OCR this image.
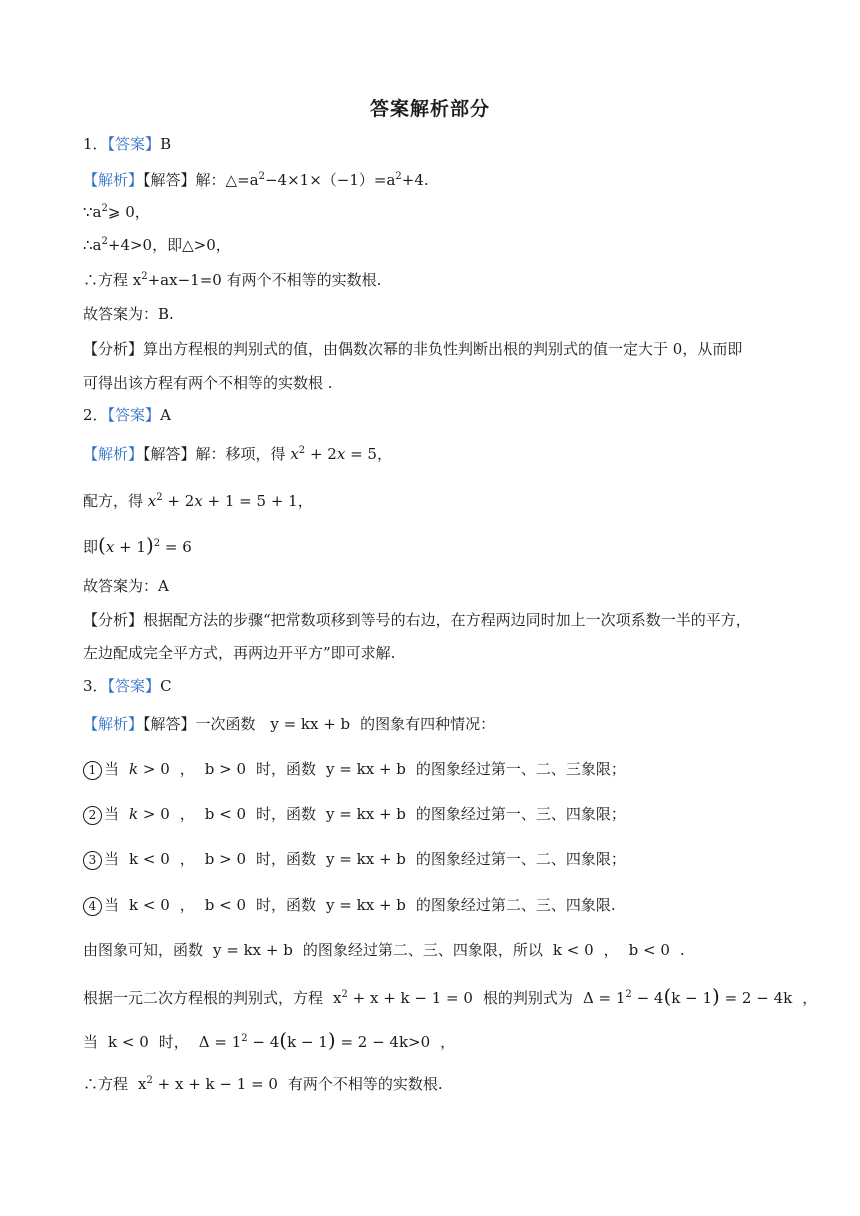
答案解析部分
1．【答案】B
【解析】【解答】解：$\triangle=a^2-4\times 1\times(-1)=a^2+4$.
$\because a^2⩾$ 0，
$\therefore a^2+4>0$，即△>0，
∴方程 $x^2+ax-1=0$ 有两个不相等的实数根.
故答案为：B.
【分析】算出方程根的判别式的值，由偶数次幂的非负性判断出根的判别式的值一定大于 0，从而即
可得出该方程有两个不相等的实数根 .
2．【答案】A
【解析】【解答】解：移项，得 $x^2 + 2x = 5$，
配方，得 $x^2 + 2x + 1 = 5 + 1$，
即$(x + 1)^2 = 6$
故答案为：A
【分析】根据配方法的步骤“把常数项移到等号的右边，在方程两边同时加上一次项系数一半的平方，
左边配成完全平方式，再两边开平方”即可求解.
3．【答案】C
【解析】【解答】一次函数 y = kx + b 的图象有四种情况：
1 当 k > 0 ， b > 0 时，函数 y = kx + b 的图象经过第一、二、三象限；
2 当 k > 0 ， b < 0 时，函数 y = kx + b 的图象经过第一、三、四象限；
3 当 k < 0 ， b > 0 时，函数 y = kx + b 的图象经过第一、二、四象限；
4 当 k < 0 ， b < 0 时，函数 y = kx + b 的图象经过第二、三、四象限.
由图象可知，函数 y = kx + b 的图象经过第二、三、四象限，所以 k < 0 ， b < 0 .
根据一元二次方程根的判别式，方程 $x^2 + x + k - 1 = 0$ 根的判别式为 $\Delta = 1^2 - 4(k - 1) = 2 - 4k$ ，
当 k < 0 时， $\Delta = 1^2 - 4(k - 1) = 2 - 4k>0$ ，
∴方程 $x^2 + x + k - 1 = 0$ 有两个不相等的实数根.
